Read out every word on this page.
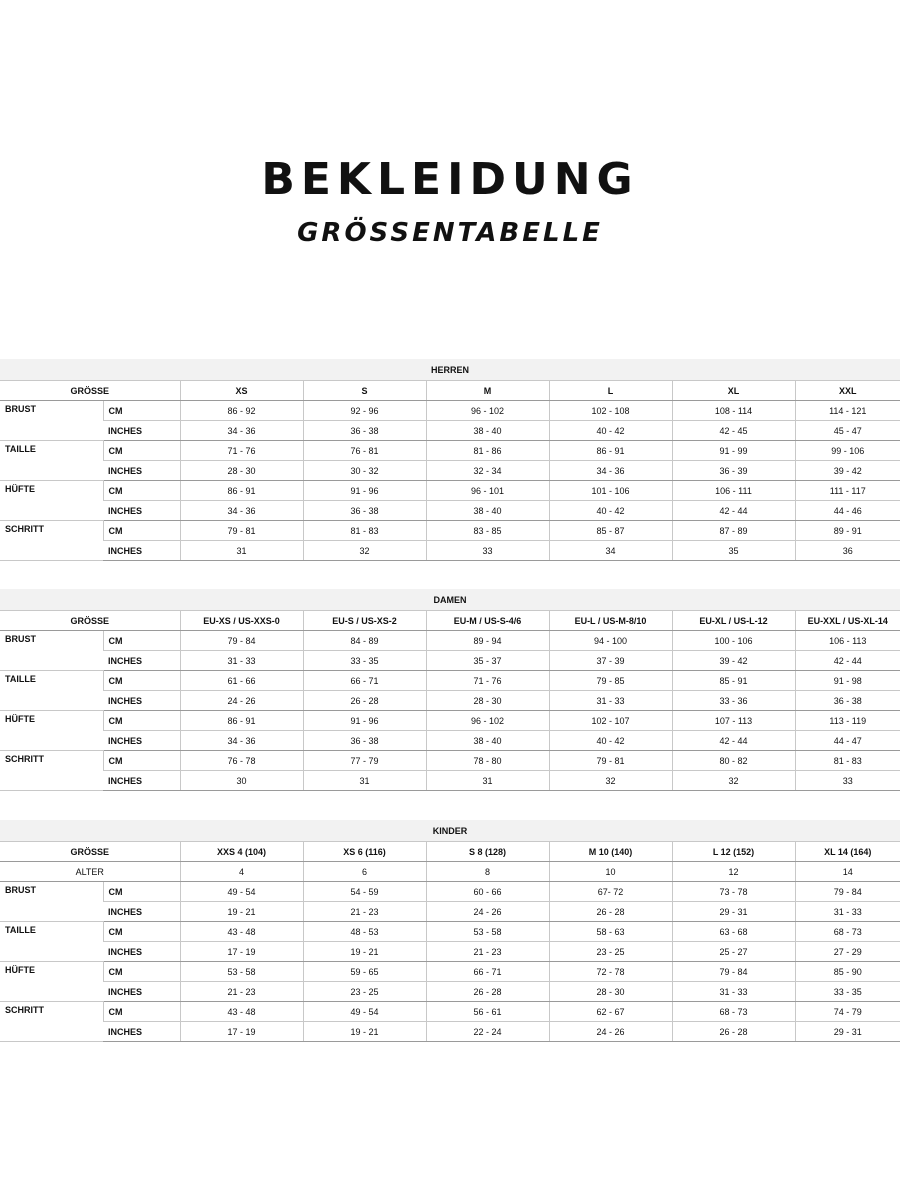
BEKLEIDUNG
GRÖSSENTABELLE
HERREN							
GRÖSSE		XS	S	M	L	XL	XXL
BRUST	CM	86 - 92	92 - 96	96 - 102	102 - 108	108 - 114	114 - 121
	INCHES	34 - 36	36 - 38	38 - 40	40 - 42	42 - 45	45 - 47
TAILLE	CM	71 - 76	76 - 81	81 - 86	86 - 91	91 - 99	99 - 106
	INCHES	28 - 30	30 - 32	32 - 34	34 - 36	36 - 39	39 - 42
HÜFTE	CM	86 - 91	91 - 96	96 - 101	101 - 106	106 - 111	111 - 117
	INCHES	34 - 36	36 - 38	38 - 40	40 - 42	42 - 44	44 - 46
SCHRITT	CM	79 - 81	81 - 83	83 - 85	85 - 87	87 - 89	89 - 91
	INCHES	31	32	33	34	35	36
DAMEN							
GRÖSSE		EU-XS / US-XXS-0	EU-S / US-XS-2	EU-M / US-S-4/6	EU-L / US-M-8/10	EU-XL / US-L-12	EU-XXL / US-XL-14
BRUST	CM	79 - 84	84 - 89	89 - 94	94 - 100	100 - 106	106 - 113
	INCHES	31 - 33	33 - 35	35 - 37	37 - 39	39 - 42	42 - 44
TAILLE	CM	61 - 66	66 - 71	71 - 76	79 - 85	85 - 91	91 - 98
	INCHES	24 - 26	26 - 28	28 - 30	31 - 33	33 - 36	36 - 38
HÜFTE	CM	86 - 91	91 - 96	96 - 102	102 - 107	107 - 113	113 - 119
	INCHES	34 - 36	36 - 38	38 - 40	40 - 42	42 - 44	44 - 47
SCHRITT	CM	76 - 78	77 - 79	78 - 80	79 - 81	80 - 82	81 - 83
	INCHES	30	31	31	32	32	33
KINDER							
GRÖSSE		XXS 4 (104)	XS 6 (116)	S 8 (128)	M 10 (140)	L 12 (152)	XL 14 (164)
ALTER		4	6	8	10	12	14
BRUST	CM	49 - 54	54 - 59	60 - 66	67- 72	73 - 78	79 - 84
	INCHES	19 - 21	21 - 23	24 - 26	26 - 28	29 - 31	31 - 33
TAILLE	CM	43 - 48	48 - 53	53 - 58	58 - 63	63 - 68	68 - 73
	INCHES	17 - 19	19 - 21	21 - 23	23 - 25	25 - 27	27 - 29
HÜFTE	CM	53 - 58	59 - 65	66 - 71	72 - 78	79 - 84	85 - 90
	INCHES	21 - 23	23 - 25	26 - 28	28 - 30	31 - 33	33 - 35
SCHRITT	CM	43 - 48	49 - 54	56 - 61	62 - 67	68 - 73	74 - 79
	INCHES	17 - 19	19 - 21	22 - 24	24 - 26	26 - 28	29 - 31
